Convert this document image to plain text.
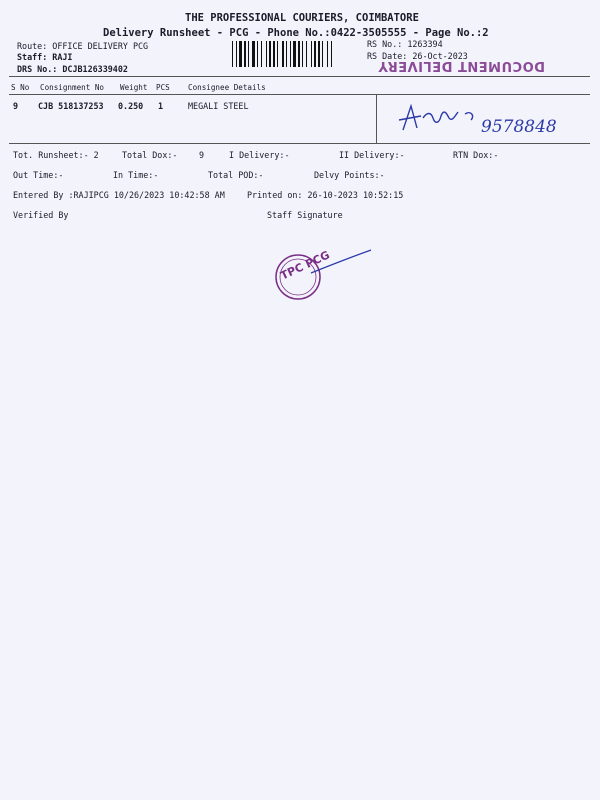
THE PROFESSIONAL COURIERS, COIMBATORE
Delivery Runsheet - PCG - Phone No.:0422-3505555 - Page No.:2
Route: OFFICE DELIVERY PCG
Staff: RAJI
DRS No.: DCJB126339402
RS No.: 1263394
RS Date: 26-Oct-2023
DOCUMENT DELIVERY
S No Consignment No Weight PCS Consignee Details
9 CJB 518137253 0.250 1	MEGALI STEEL
9578848
Tot. Runsheet:- 2	Total Dox:-	9	I Delivery:-	II Delivery:-	RTN Dox:-
Out Time:-	In Time:-	Total POD:-	Delvy Points:-
Entered By :RAJIPCG 10/26/2023 10:42:58 AM	Printed on: 26-10-2023 10:52:15
Verified By	Staff Signature
TPC PCG
